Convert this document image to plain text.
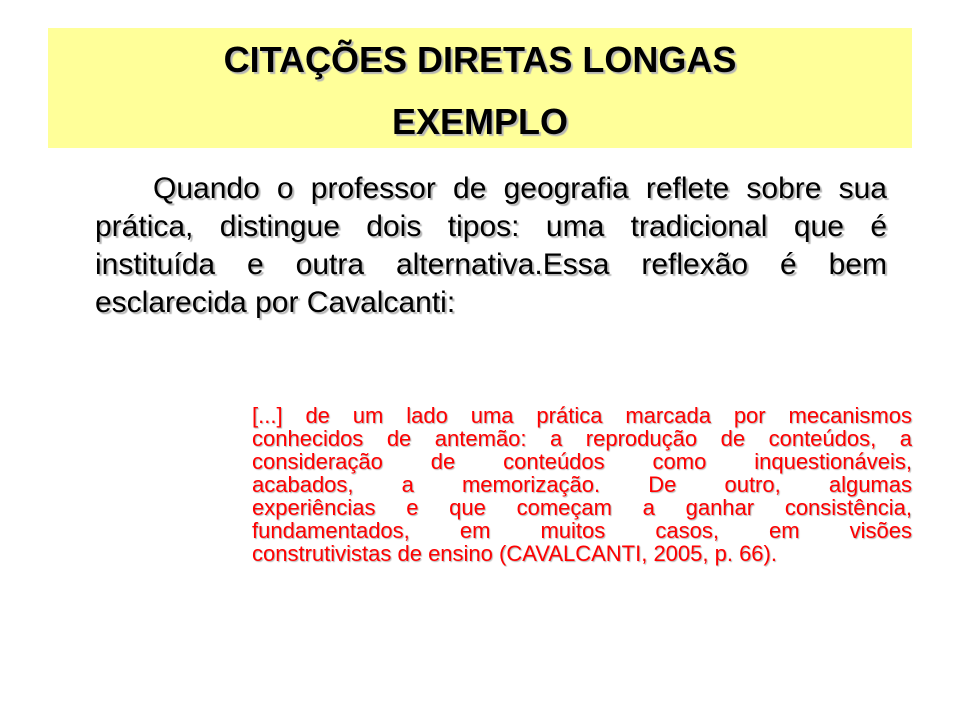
CITAÇÕES DIRETAS LONGAS
EXEMPLO
Quando o professor de geografia reflete sobre sua prática, distingue dois tipos: uma tradicional que é instituída e outra alternativa.Essa reflexão é bem esclarecida por Cavalcanti:
[...] de um lado uma prática marcada por mecanismos
conhecidos de antemão: a reprodução de conteúdos, a
consideração de conteúdos como inquestionáveis,
acabados, a memorização. De outro, algumas
experiências e que começam a ganhar consistência,
fundamentados, em muitos casos, em visões
construtivistas de ensino (CAVALCANTI, 2005, p. 66).
